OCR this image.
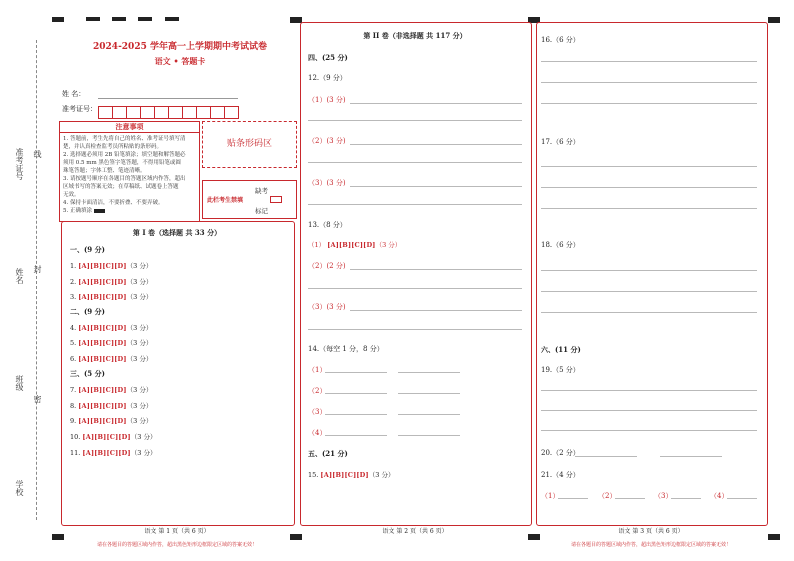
准考证号 线
姓名 封
班级
密
学校
2024-2025 学年高一上学期期中考试试卷
语文 • 答题卡
姓 名：
准考证号：
注意事项
1. 答题前，考生先将自己的姓名、准考证号填写清
楚，并认真检查监考员所粘贴的条形码。
2. 选择题必须用 2B 铅笔填涂；填空题和解答题必
须用 0.5 mm 黑色签字笔答题，不得用铅笔或圆
珠笔答题；字体工整、笔迹清晰。
3. 请按题号顺序在各题目的答题区域内作答，超出
区域书写的答案无效；在草稿纸、试题卷上答题
无效。
4. 保持卡面清洁，不要折叠、不要弄破。
5. 正确填涂
贴条形码区
此栏考生禁填
缺考
标记
第 I 卷（选择题 共 33 分）
一、(9 分)
1. [A][B][C][D]（3 分）
2. [A][B][C][D]（3 分）
3. [A][B][C][D]（3 分）
二、(9 分)
4. [A][B][C][D]（3 分）
5. [A][B][C][D]（3 分）
6. [A][B][C][D]（3 分）
三、(5 分)
7. [A][B][C][D]（3 分）
8. [A][B][C][D]（3 分）
9. [A][B][C][D]（3 分）
10. [A][B][C][D]（3 分）
11. [A][B][C][D]（3 分）
语文 第 1 页（共 6 页）
请在各题目的答题区域内作答，超出黑色矩形边框限定区域的答案无效！
第 II 卷（非选择题 共 117 分）
四、(25 分)
12.（9 分）
（1）(3 分)
（2）(3 分)
（3）(3 分)
13.（8 分）
（1） [A][B][C][D]（3 分）
（2）(2 分)
（3）(3 分)
14.（每空 1 分，8 分）
（1）
（2）
（3）
（4）
五、(21 分)
15. [A][B][C][D]（3 分）
语文 第 2 页（共 6 页）
16.（6 分）
17.（6 分）
18.（6 分）
六、(11 分)
19.（5 分）
20.（2 分）
21.（4 分）
（1）	（2）	（3）	（4）
语文 第 3 页（共 6 页）
请在各题目的答题区域内作答，超出黑色矩形边框限定区域的答案无效！
